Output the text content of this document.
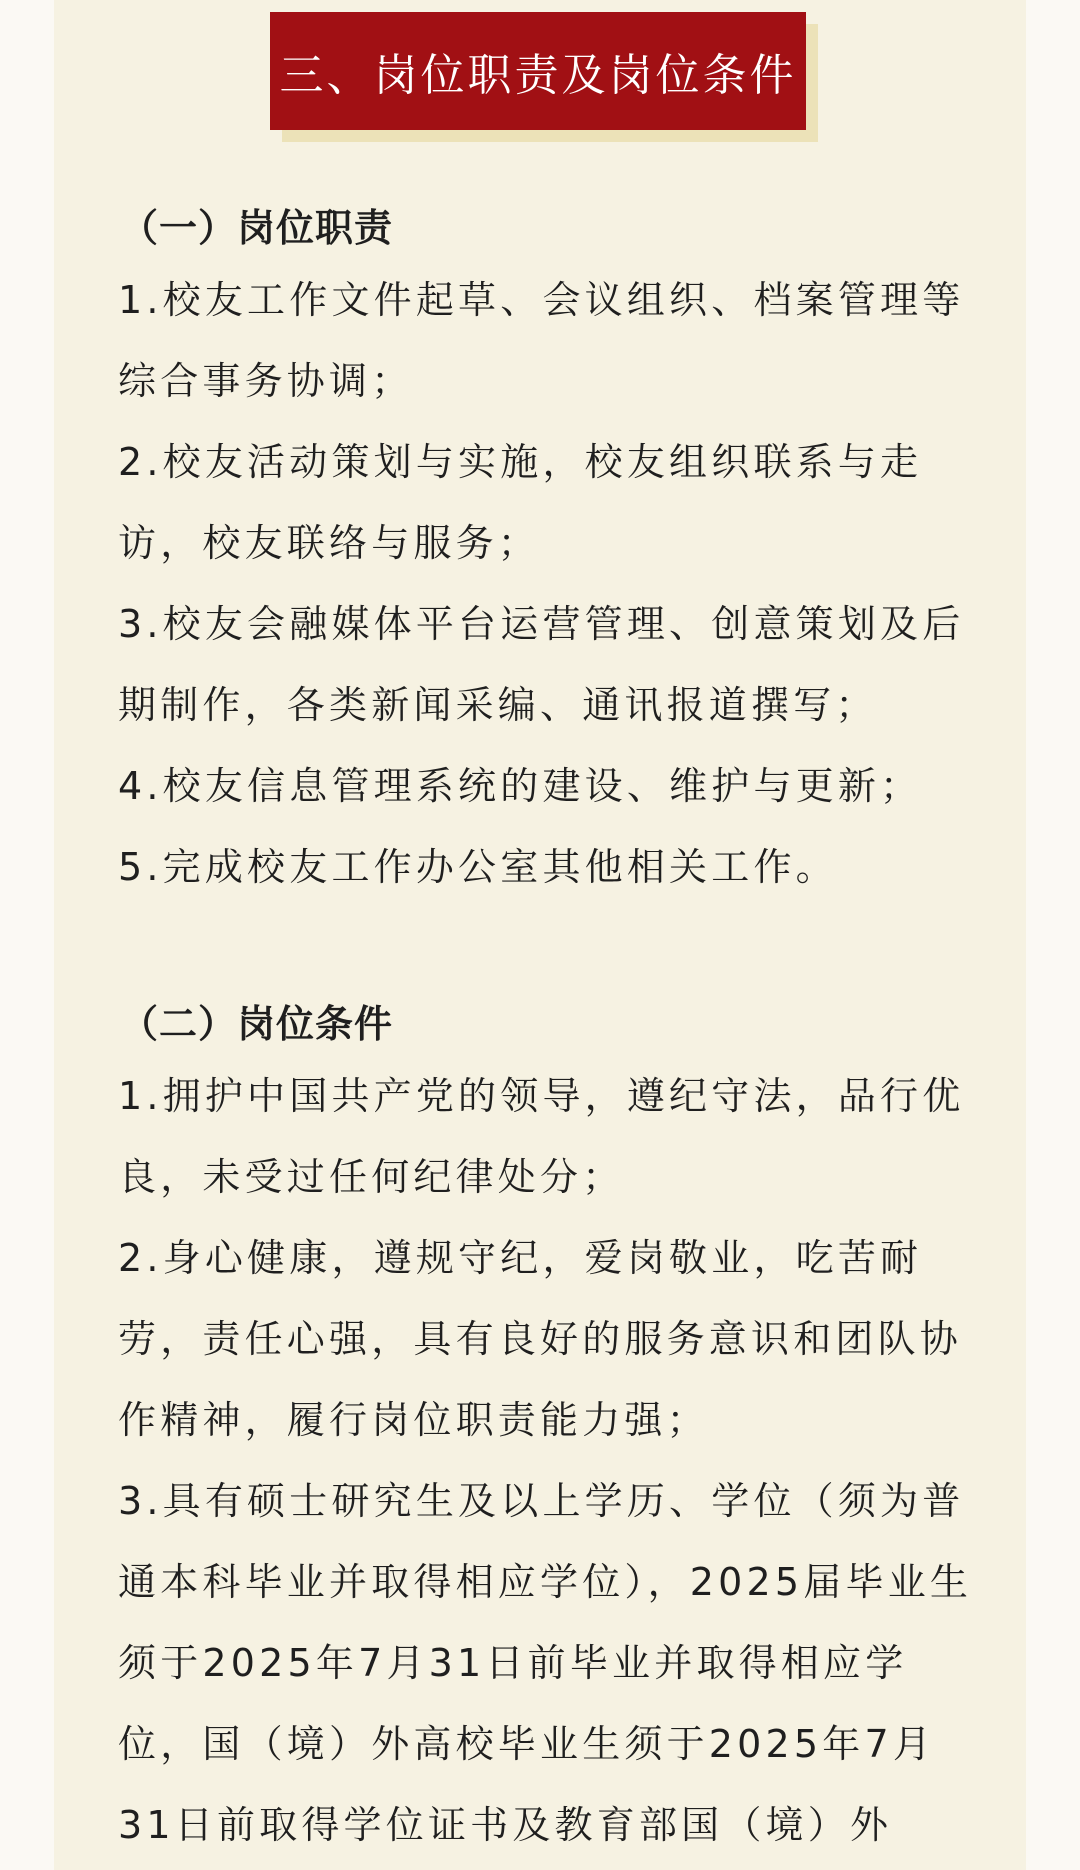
三、岗位职责及岗位条件
（一）岗位职责

1.校友工作文件起草、会议组织、档案管理等综合事务协调；

2.校友活动策划与实施，校友组织联系与走访，校友联络与服务；

3.校友会融媒体平台运营管理、创意策划及后期制作，各类新闻采编、通讯报道撰写；

4.校友信息管理系统的建设、维护与更新；

5.完成校友工作办公室其他相关工作。

（二）岗位条件

1.拥护中国共产党的领导，遵纪守法，品行优良，未受过任何纪律处分；

2.身心健康，遵规守纪，爱岗敬业，吃苦耐劳，责任心强，具有良好的服务意识和团队协作精神，履行岗位职责能力强；

3.具有硕士研究生及以上学历、学位（须为普通本科毕业并取得相应学位），2025届毕业生须于2025年7月31日前毕业并取得相应学位，国（境）外高校毕业生须于2025年7月31日前取得学位证书及教育部国（境）外
